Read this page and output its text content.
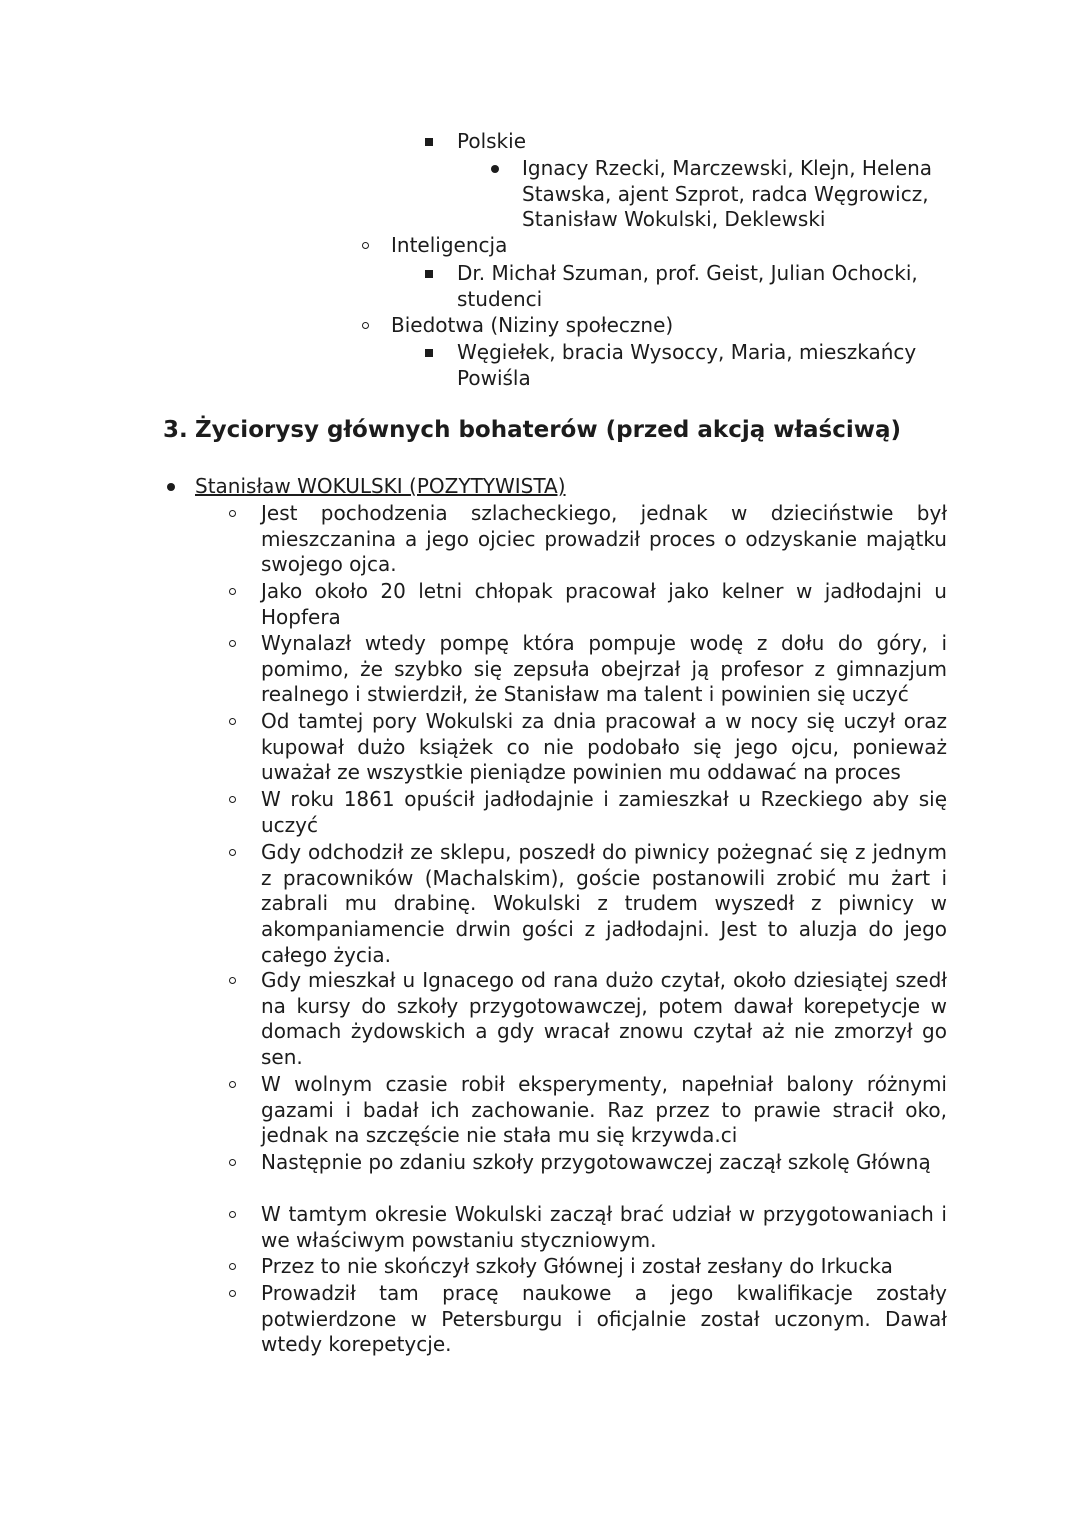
Polskie
Ignacy Rzecki, Marczewski, Klejn, Helena Stawska, ajent Szprot, radca Węgrowicz, Stanisław Wokulski, Deklewski
Inteligencja
Dr. Michał Szuman, prof. Geist, Julian Ochocki, studenci
Biedotwa (Niziny społeczne)
Węgiełek, bracia Wysoccy, Maria, mieszkańcy Powiśla
3. Życiorysy głównych bohaterów (przed akcją właściwą)
Stanisław WOKULSKI (POZYTYWISTA)
Jest pochodzenia szlacheckiego, jednak w dzieciństwie był mieszczanina a jego ojciec prowadził proces o odzyskanie majątku swojego ojca.
Jako około 20 letni chłopak pracował jako kelner w jadłodajni u Hopfera
Wynalazł wtedy pompę która pompuje wodę z dołu do góry, i pomimo, że szybko się zepsuła obejrzał ją profesor z gimnazjum realnego i stwierdził, że Stanisław ma talent i powinien się uczyć
Od tamtej pory Wokulski za dnia pracował a w nocy się uczył oraz kupował dużo książek co nie podobało się jego ojcu, ponieważ uważał ze wszystkie pieniądze powinien mu oddawać na proces
W roku 1861 opuścił jadłodajnie i zamieszkał u Rzeckiego aby się uczyć
Gdy odchodził ze sklepu, poszedł do piwnicy pożegnać się z jednym z pracowników (Machalskim), goście postanowili zrobić mu żart i zabrali mu drabinę. Wokulski z trudem wyszedł z piwnicy w akompaniamencie drwin gości z jadłodajni. Jest to aluzja do jego całego życia.
Gdy mieszkał u Ignacego od rana dużo czytał, około dziesiątej szedł na kursy do szkoły przygotowawczej, potem dawał korepetycje w domach żydowskich a gdy wracał znowu czytał aż nie zmorzył go sen.
W wolnym czasie robił eksperymenty, napełniał balony różnymi gazami i badał ich zachowanie. Raz przez to prawie stracił oko, jednak na szczęście nie stała mu się krzywda.ci
Następnie po zdaniu szkoły przygotowawczej zaczął szkolę Główną
W tamtym okresie Wokulski zaczął brać udział w przygotowaniach i we właściwym powstaniu styczniowym.
Przez to nie skończył szkoły Głównej i został zesłany do Irkucka
Prowadził tam pracę naukowe a jego kwalifikacje zostały potwierdzone w Petersburgu i oficjalnie został uczonym. Dawał wtedy korepetycje.
